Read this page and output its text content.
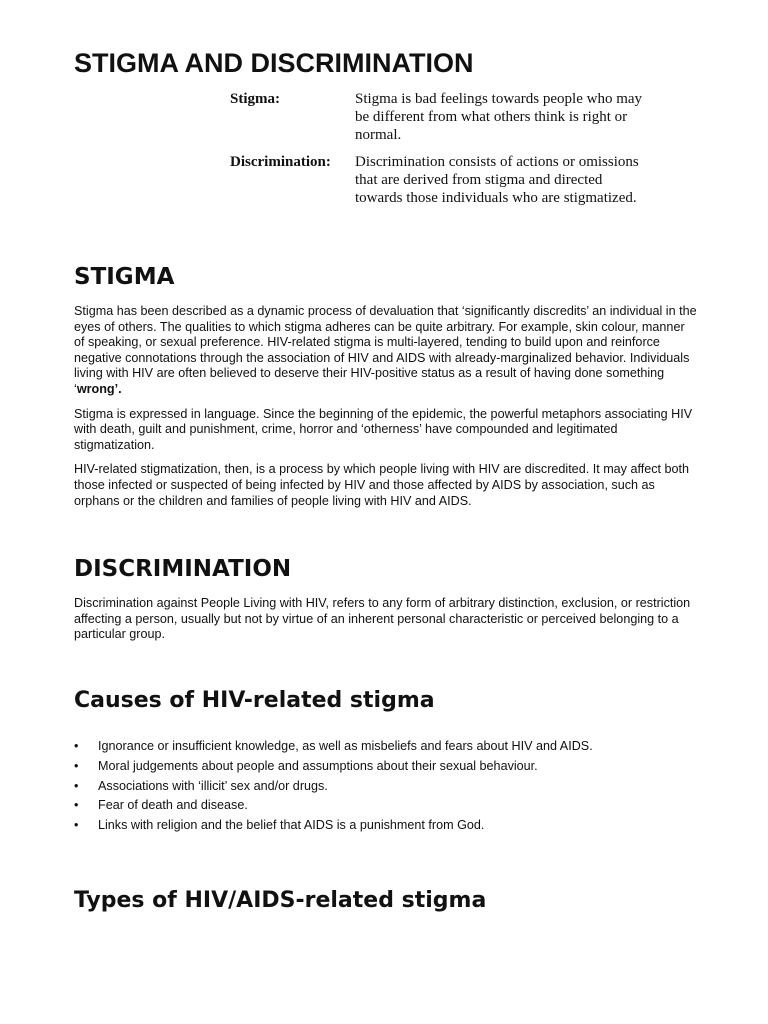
STIGMA AND DISCRIMINATION
Stigma:	Stigma is bad feelings towards people who may be different from what others think is right or normal.
Discrimination:	Discrimination consists of actions or omissions that are derived from stigma and directed towards those individuals who are stigmatized.
STIGMA

Stigma has been described as a dynamic process of devaluation that ‘significantly discredits’ an individual in the eyes of others. The qualities to which stigma adheres can be quite arbitrary. For example, skin colour, manner of speaking, or sexual preference. HIV-related stigma is multi-layered, tending to build upon and reinforce negative connotations through the association of HIV and AIDS with already-marginalized behavior. Individuals living with HIV are often believed to deserve their HIV-positive status as a result of having done something ‘wrong’.

Stigma is expressed in language. Since the beginning of the epidemic, the powerful metaphors associating HIV with death, guilt and punishment, crime, horror and ‘otherness’ have compounded and legitimated stigmatization.

HIV-related stigmatization, then, is a process by which people living with HIV are discredited. It may affect both those infected or suspected of being infected by HIV and those affected by AIDS by association, such as orphans or the children and families of people living with HIV and AIDS.

DISCRIMINATION

Discrimination against People Living with HIV, refers to any form of arbitrary distinction, exclusion, or restriction affecting a person, usually but not by virtue of an inherent personal characteristic or perceived belonging to a particular group.

Causes of HIV-related stigma
• Ignorance or insufficient knowledge, as well as misbeliefs and fears about HIV and AIDS.
• Moral judgements about people and assumptions about their sexual behaviour.
• Associations with ‘illicit’ sex and/or drugs.
• Fear of death and disease.
• Links with religion and the belief that AIDS is a punishment from God.
Types of HIV/AIDS-related stigma
